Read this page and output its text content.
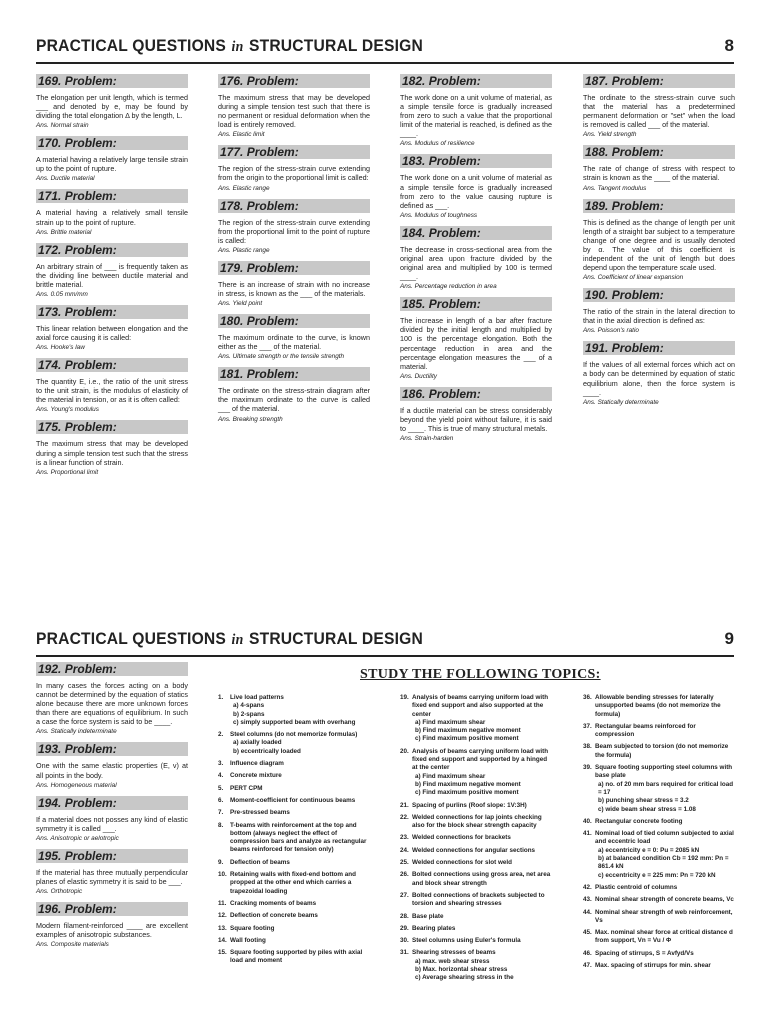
PRACTICAL QUESTIONS in STRUCTURAL DESIGN	8
169. Problem:
The elongation per unit length, which is termed ___ and denoted by e, may be found by dividing the total elongation Δ by the length, L.
Ans. Normal strain
170. Problem:
A material having a relatively large tensile strain up to the point of rupture.
Ans. Ductile material
171. Problem:
A material having a relatively small tensile strain up to the point of rupture.
Ans. Brittle material
172. Problem:
An arbitrary strain of ___ is frequently taken as the dividing line between ductile material and brittle material.
Ans. 0.05 mm/mm
173. Problem:
This linear relation between elongation and the axial force causing it is called:
Ans. Hooke's law
174. Problem:
The quantity E, i.e., the ratio of the unit stress to the unit strain, is the modulus of elasticity of the material in tension, or as it is often called:
Ans. Young's modulus
175. Problem:
The maximum stress that may be developed during a simple tension test such that the stress is a linear function of strain.
Ans. Proportional limit
176. Problem:
The maximum stress that may be developed during a simple tension test such that there is no permanent or residual deformation when the load is entirely removed.
Ans. Elastic limit
177. Problem:
The region of the stress-strain curve extending from the origin to the proportional limit is called:
Ans. Elastic range
178. Problem:
The region of the stress-strain curve extending from the proportional limit to the point of rupture is called:
Ans. Plastic range
179. Problem:
There is an increase of strain with no increase in stress, is known as the ___ of the materials.
Ans. Yield point
180. Problem:
The maximum ordinate to the curve, is known either as the ___ of the material.
Ans. Ultimate strength or the tensile strength
181. Problem:
The ordinate on the stress-strain diagram after the maximum ordinate to the curve is called ___ of the material.
Ans. Breaking strength
182. Problem:
The work done on a unit volume of material, as a simple tensile force is gradually increased from zero to such a value that the proportional limit of the material is reached, is defined as the ____.
Ans. Modulus of resilience
183. Problem:
The work done on a unit volume of material as a simple tensile force is gradually increased from zero to the value causing rupture is defined as ___.
Ans. Modulus of toughness
184. Problem:
The decrease in cross-sectional area from the original area upon fracture divided by the original area and multiplied by 100 is termed ____.
Ans. Percentage reduction in area
185. Problem:
The increase in length of a bar after fracture divided by the initial length and multiplied by 100 is the percentage elongation. Both the percentage reduction in area and the percentage elongation measures the ___ of a material.
Ans. Ductility
186. Problem:
If a ductile material can be stress considerably beyond the yield point without failure, it is said to ____. This is true of many structural metals.
Ans. Strain-harden
187. Problem:
The ordinate to the stress-strain curve such that the material has a predetermined permanent deformation or "set" when the load is removed is called ___ of the material.
Ans. Yield strength
188. Problem:
The rate of change of stress with respect to strain is known as the ____ of the material.
Ans. Tangent modulus
189. Problem:
This is defined as the change of length per unit length of a straight bar subject to a temperature change of one degree and is usually denoted by α. The value of this coefficient is independent of the unit of length but does depend upon the temperature scale used.
Ans. Coefficient of linear expansion
190. Problem:
The ratio of the strain in the lateral direction to that in the axial direction is defined as:
Ans. Poisson's ratio
191. Problem:
If the values of all external forces which act on a body can be determined by equation of static equilibrium alone, then the force system is ____.
Ans. Statically determinate
PRACTICAL QUESTIONS in STRUCTURAL DESIGN	9
192. Problem:
In many cases the forces acting on a body cannot be determined by the equation of statics alone because there are more unknown forces than there are equations of equilibrium. In such a case the force system is said to be ____.
Ans. Statically indeterminate
193. Problem:
One with the same elastic properties (E, v) at all points in the body.
Ans. Homogeneous material
194. Problem:
If a material does not posses any kind of elastic symmetry it is called ___.
Ans. Anisotropic or aelotropic
195. Problem:
If the material has three mutually perpendicular planes of elastic symmetry it is said to be ___.
Ans. Orthotropic
196. Problem:
Modern filament-reinforced ____ are excellent examples of anisotropic substances.
Ans. Composite materials
STUDY THE FOLLOWING TOPICS:
1.	Live load patterns
a) 4-spans
b) 2-spans
c) simply supported beam with overhang
2.	Steel columns (do not memorize formulas)
a) axially loaded
b) eccentrically loaded
3.	Influence diagram
4.	Concrete mixture
5.	PERT CPM
6.	Moment-coefficient for continuous beams
7.	Pre-stressed beams
8.	T-beams with reinforcement at the top and bottom (always neglect the effect of compression bars and analyze as rectangular beams reinforced for tension only)
9.	Deflection of beams
10. Retaining walls with fixed-end bottom and propped at the other end which carries a trapezoidal loading
11. Cracking moments of beams
12. Deflection of concrete beams
13. Square footing
14. Wall footing
15. Square footing supported by piles with axial load and moment
19. Analysis of beams carrying uniform load with fixed end support and also supported at the center
a) Find maximum shear
b) Find maximum negative moment
c) Find maximum positive moment
20. Analysis of beams carrying uniform load with fixed end support and supported by a hinged at the center
a) Find maximum shear
b) Find maximum negative moment
c) Find maximum positive moment
21. Spacing of purlins (Roof slope: 1V:3H)
22. Welded connections for lap joints checking also for the block shear strength capacity
23. Welded connections for brackets
24. Welded connections for angular sections
25. Welded connections for slot weld
26. Bolted connections using gross area, net area and block shear strength
27. Bolted connections of brackets subjected to torsion and shearing stresses
28. Base plate
29. Bearing plates
30. Steel columns using Euler's formula
31. Shearing stresses of beams
a) max. web shear stress
b) Max. horizontal shear stress
c) Average shearing stress in the
36. Allowable bending stresses for laterally unsupported beams (do not memorize the formula)
37. Rectangular beams reinforced for compression
38. Beam subjected to torsion (do not memorize the formula)
39. Square footing supporting steel columns with base plate
a) no. of 20 mm bars required for critical load = 17
b) punching shear stress = 3.2
c) wide beam shear stress = 1.08
40. Rectangular concrete footing
41. Nominal load of tied column subjected to axial and eccentric load
a) eccentricity e = 0: Pu = 2085 kN
b) at balanced condition Cb = 192 mm: Pn = 861.4 kN
c) eccentricity e = 225 mm: Pn = 720 kN
42. Plastic centroid of columns
43. Nominal shear strength of concrete beams, Vc
44. Nominal shear strength of web reinforcement, Vs
45. Max. nominal shear force at critical distance d from support, Vn = Vu / Φ
46. Spacing of stirrups, S = Avfyd/Vs
47. Max. spacing of stirrups for min. shear
